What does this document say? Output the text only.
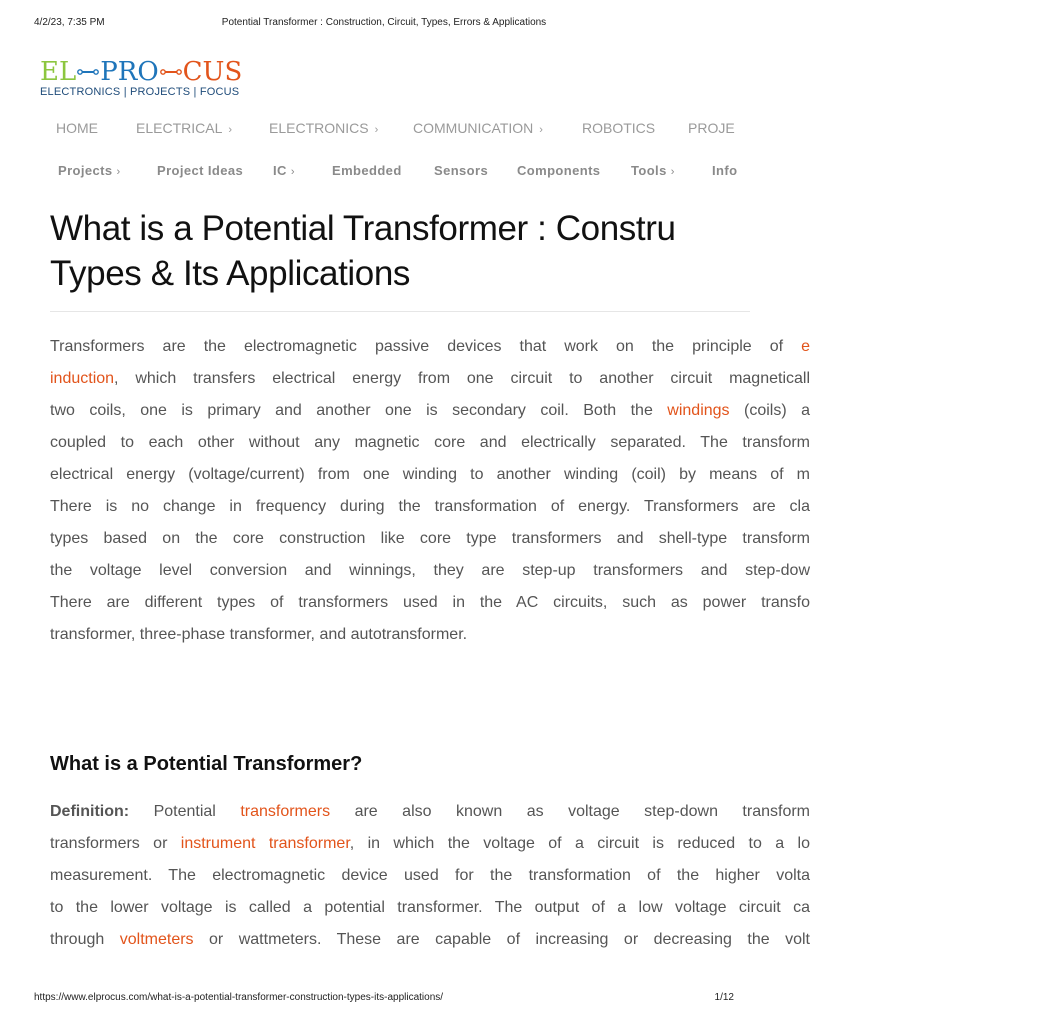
4/2/23, 7:35 PM	Potential Transformer : Construction, Circuit, Types, Errors & Applications
EL PRO CUS
ELECTRONICS | PROJECTS | FOCUS
HOME	ELECTRICAL ›	ELECTRONICS › COMMUNICATION ›	ROBOTICS PROJE
Projects ›	Project Ideas IC ›	Embedded Sensors Components Tools ›	Info
What is a Potential Transformer : Constru
Types & Its Applications

Transformers are the electromagnetic passive devices that work on the principle of e
induction, which transfers electrical energy from one circuit to another circuit magneticall
two coils, one is primary and another one is secondary coil. Both the windings (coils) a
coupled to each other without any magnetic core and electrically separated. The transform
electrical energy (voltage/current) from one winding to another winding (coil) by means of m
There is no change in frequency during the transformation of energy. Transformers are cla
types based on the core construction like core type transformers and shell-type transform
the voltage level conversion and winnings, they are step-up transformers and step-dow
There are different types of transformers used in the AC circuits, such as power transfo
transformer, three-phase transformer, and autotransformer.

What is a Potential Transformer?

Definition: Potential transformers are also known as voltage step-down transform
transformers or instrument transformer, in which the voltage of a circuit is reduced to a lo
measurement. The electromagnetic device used for the transformation of the higher volta
to the lower voltage is called a potential transformer. The output of a low voltage circuit ca
through voltmeters or wattmeters. These are capable of increasing or decreasing the volt

https://www.elprocus.com/what-is-a-potential-transformer-construction-types-its-applications/	1/12
